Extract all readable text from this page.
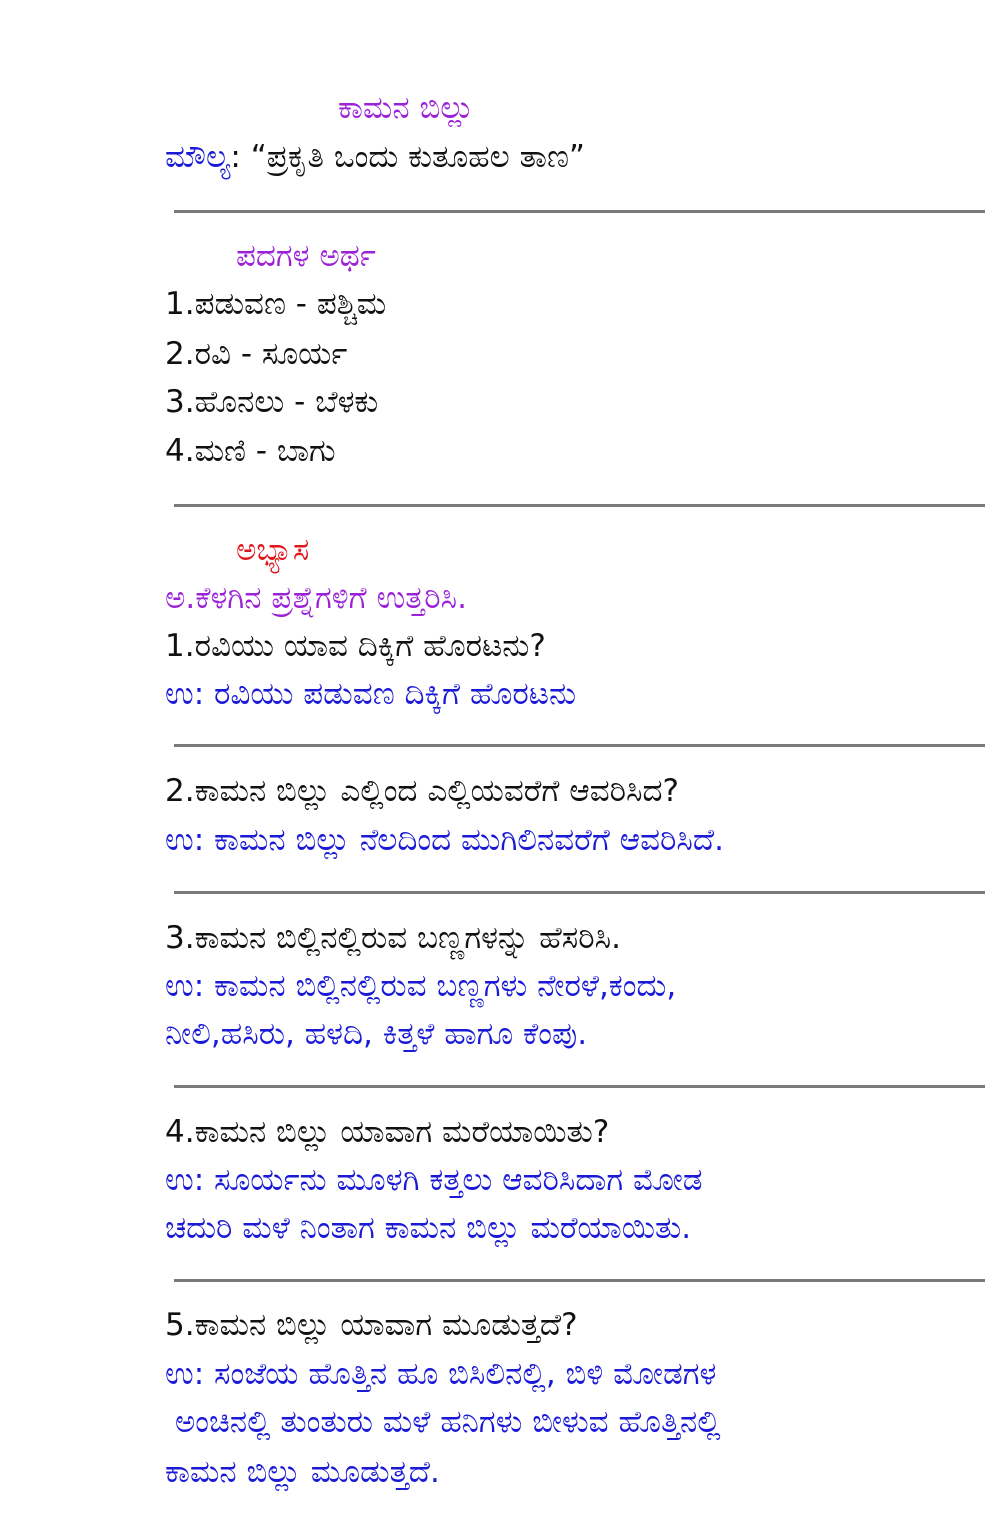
ಕಾಮನ ಬಿಲ್ಲು
ಮೌಲ್ಯ: “ಪ್ರಕೃತಿ ಒಂದು ಕುತೂಹಲ ತಾಣ”
ಪದಗಳ ಅರ್ಥ
1.ಪಡುವಣ - ಪಶ್ಚಿಮ
2.ರವಿ - ಸೂರ್ಯ
3.ಹೊನಲು - ಬೆಳಕು
4.ಮಣಿ - ಬಾಗು
ಅಭ್ಯಾಸ
ಅ.ಕೆಳಗಿನ ಪ್ರಶ್ನೆಗಳಿಗೆ ಉತ್ತರಿಸಿ.
1.ರವಿಯು ಯಾವ ದಿಕ್ಕಿಗೆ ಹೊರಟನು?
ಉ: ರವಿಯು ಪಡುವಣ ದಿಕ್ಕಿಗೆ ಹೊರಟನು
2.ಕಾಮನ ಬಿಲ್ಲು ಎಲ್ಲಿಂದ ಎಲ್ಲಿಯವರೆಗೆ ಆವರಿಸಿದ?
ಉ: ಕಾಮನ ಬಿಲ್ಲು ನೆಲದಿಂದ ಮುಗಿಲಿನವರೆಗೆ ಆವರಿಸಿದೆ.
3.ಕಾಮನ ಬಿಲ್ಲಿನಲ್ಲಿರುವ ಬಣ್ಣಗಳನ್ನು ಹೆಸರಿಸಿ.
ಉ: ಕಾಮನ ಬಿಲ್ಲಿನಲ್ಲಿರುವ ಬಣ್ಣಗಳು ನೇರಳೆ,ಕಂದು,
ನೀಲಿ,ಹಸಿರು, ಹಳದಿ, ಕಿತ್ತಳೆ ಹಾಗೂ ಕೆಂಪು.
4.ಕಾಮನ ಬಿಲ್ಲು ಯಾವಾಗ ಮರೆಯಾಯಿತು?
ಉ: ಸೂರ್ಯನು ಮೂಳಗಿ ಕತ್ತಲು ಆವರಿಸಿದಾಗ ಮೋಡ
ಚದುರಿ ಮಳೆ ನಿಂತಾಗ ಕಾಮನ ಬಿಲ್ಲು ಮರೆಯಾಯಿತು.
5.ಕಾಮನ ಬಿಲ್ಲು ಯಾವಾಗ ಮೂಡುತ್ತದೆ?
ಉ: ಸಂಜೆಯ ಹೊತ್ತಿನ ಹೂ ಬಿಸಿಲಿನಲ್ಲಿ, ಬಿಳಿ ಮೋಡಗಳ
ಅಂಚಿನಲ್ಲಿ ತುಂತುರು ಮಳೆ ಹನಿಗಳು ಬೀಳುವ ಹೊತ್ತಿನಲ್ಲಿ
ಕಾಮನ ಬಿಲ್ಲು ಮೂಡುತ್ತದೆ.
